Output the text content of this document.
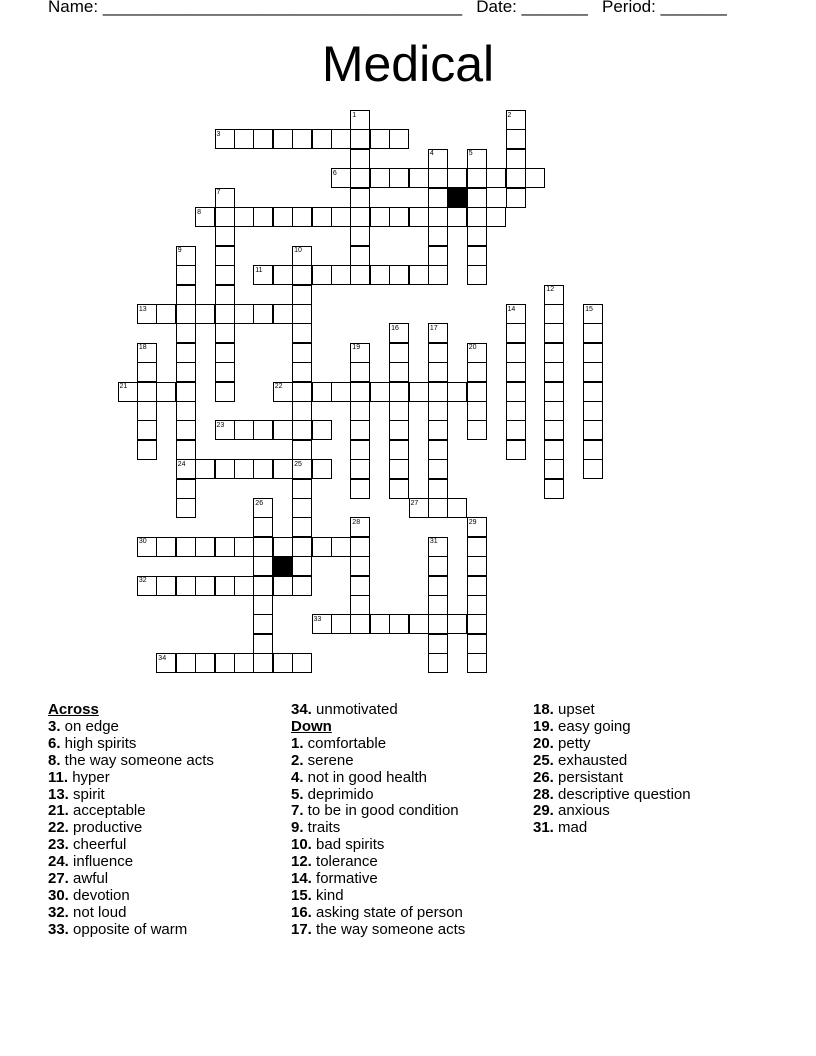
Name: ______________________________________ Date: _______ Period: _______
Medical
3
6
8
11
13
21	22
23
24
27
30
32
33
34
1	2
4	5
7
9	10
12
14	15
16	17
18	19	20
25
26
28	29
31
Across
3. on edge
6. high spirits
8. the way someone acts
11. hyper
13. spirit
21. acceptable
22. productive
23. cheerful
24. influence
27. awful
30. devotion
32. not loud
33. opposite of warm
34. unmotivated
Down
1. comfortable
2. serene
4. not in good health
5. deprimido
7. to be in good condition
9. traits
10. bad spirits
12. tolerance
14. formative
15. kind
16. asking state of person
17. the way someone acts
18. upset
19. easy going
20. petty
25. exhausted
26. persistant
28. descriptive question
29. anxious
31. mad
